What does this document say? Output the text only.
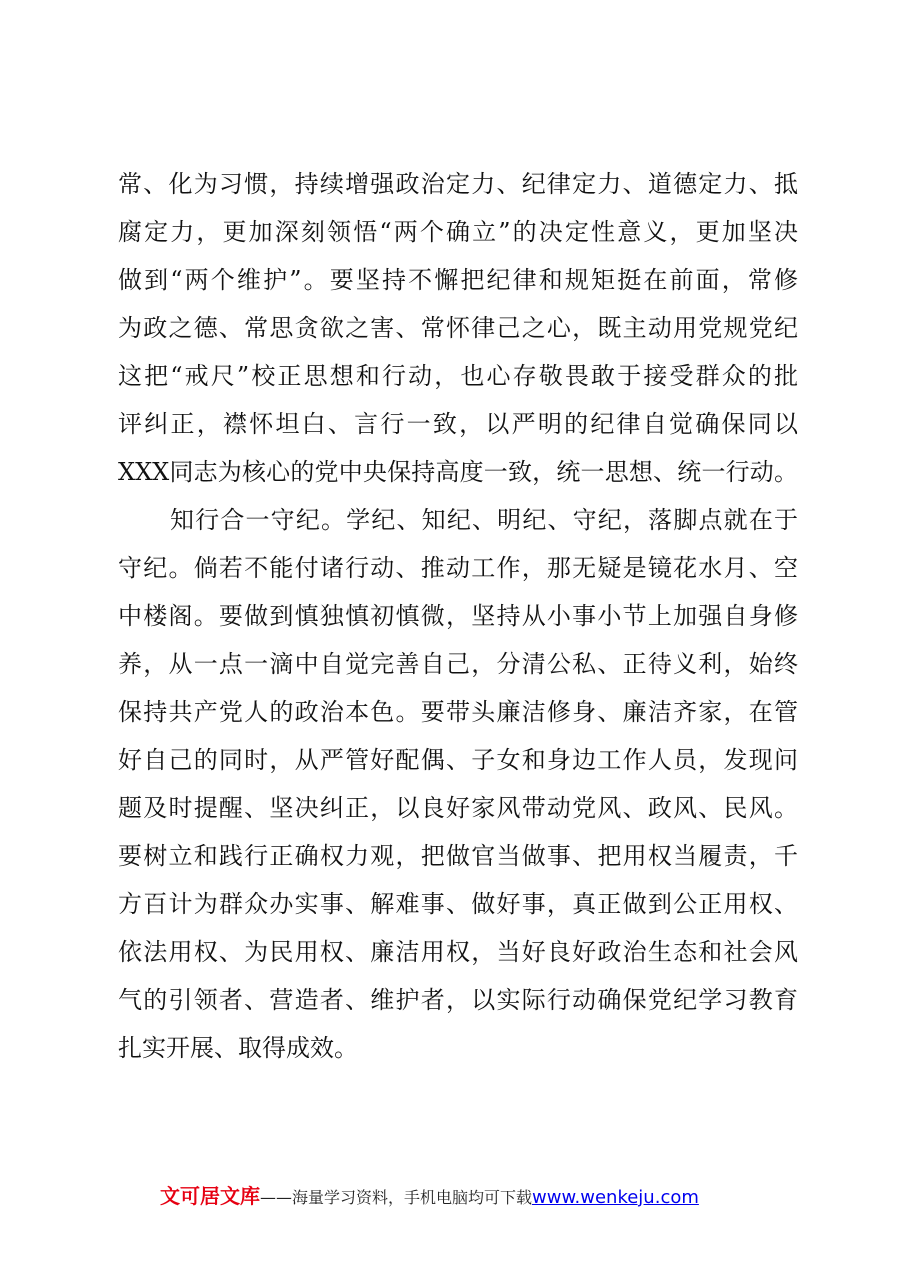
常、化为习惯，持续增强政治定力、纪律定力、道德定力、抵
腐定力，更加深刻领悟“两个确立”的决定性意义，更加坚决
做到“两个维护”。要坚持不懈把纪律和规矩挺在前面，常修
为政之德、常思贪欲之害、常怀律己之心，既主动用党规党纪
这把“戒尺”校正思想和行动，也心存敬畏敢于接受群众的批
评纠正，襟怀坦白、言行一致，以严明的纪律自觉确保同以
XXX同志为核心的党中央保持高度一致，统一思想、统一行动。
知行合一守纪。学纪、知纪、明纪、守纪，落脚点就在于
守纪。倘若不能付诸行动、推动工作，那无疑是镜花水月、空
中楼阁。要做到慎独慎初慎微，坚持从小事小节上加强自身修
养，从一点一滴中自觉完善自己，分清公私、正待义利，始终
保持共产党人的政治本色。要带头廉洁修身、廉洁齐家，在管
好自己的同时，从严管好配偶、子女和身边工作人员，发现问
题及时提醒、坚决纠正，以良好家风带动党风、政风、民风。
要树立和践行正确权力观，把做官当做事、把用权当履责，千
方百计为群众办实事、解难事、做好事，真正做到公正用权、
依法用权、为民用权、廉洁用权，当好良好政治生态和社会风
气的引领者、营造者、维护者，以实际行动确保党纪学习教育
扎实开展、取得成效。
文可居文库——海量学习资料，手机电脑均可下载www.wenkeju.com
